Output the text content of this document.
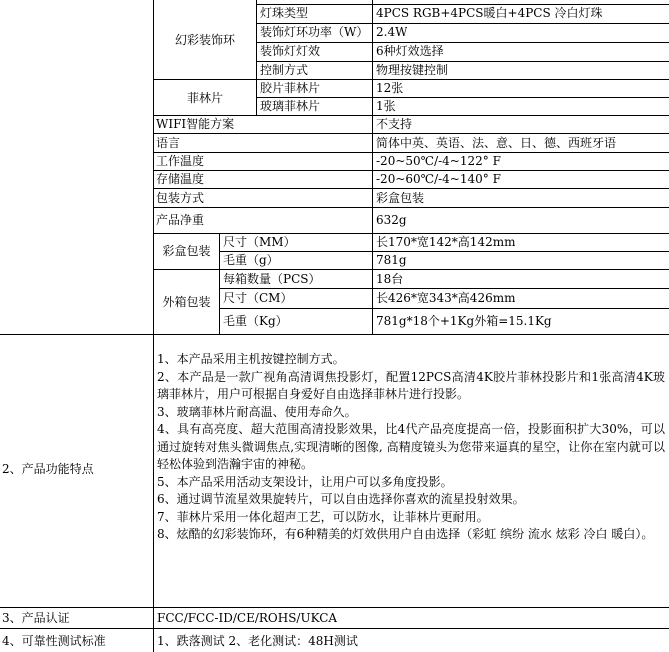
幻彩装饰环
灯珠类型	4PCS RGB+4PCS暖白+4PCS 冷白灯珠
装饰灯环功率（W） 2.4W
装饰灯灯效	6种灯效选择
控制方式	物理按键控制
菲林片
胶片菲林片	12张
玻璃菲林片	1张
WIFI智能方案	不支持
语言	简体中英、英语、法、意、日、德、西班牙语
工作温度	-20~50℃/-4~122° F
存储温度	-20~60℃/-4~140° F
包装方式	彩盒包装
产品净重	632g
彩盒包装
尺寸（MM）	长170*宽142*高142mm
毛重（g）	781g
外箱包装
每箱数量（PCS）	18台
尺寸（CM）	长426*宽343*高426mm
毛重（Kg）	781g*18个+1Kg外箱=15.1Kg
2、产品功能特点

1、本产品采用主机按键控制方式。

2、本产品是一款广视角高清调焦投影灯，配置12PCS高清4K胶片菲林投影片和1张高清4K玻璃菲林片，用户可根据自身爱好自由选择菲林片进行投影。

3、玻璃菲林片耐高温、使用寿命久。

4、具有高亮度、超大范围高清投影效果，比4代产品亮度提高一倍，投影面积扩大30%，可以通过旋转对焦头微调焦点,实现清晰的图像, 高精度镜头为您带来逼真的星空，让你在室内就可以轻松体验到浩瀚宇宙的神秘。

5、本产品采用活动支架设计，让用户可以多角度投影。

6、通过调节流星效果旋转片，可以自由选择你喜欢的流星投射效果。

7、菲林片采用一体化超声工艺，可以防水，让菲林片更耐用。

8、炫酷的幻彩装饰环，有6种精美的灯效供用户自由选择（彩虹 缤纷 流水 炫彩 冷白 暖白）。

3、产品认证	FCC/FCC-ID/CE/ROHS/UKCA
4、可靠性测试标准	1、跌落测试 2、老化测试：48H测试
